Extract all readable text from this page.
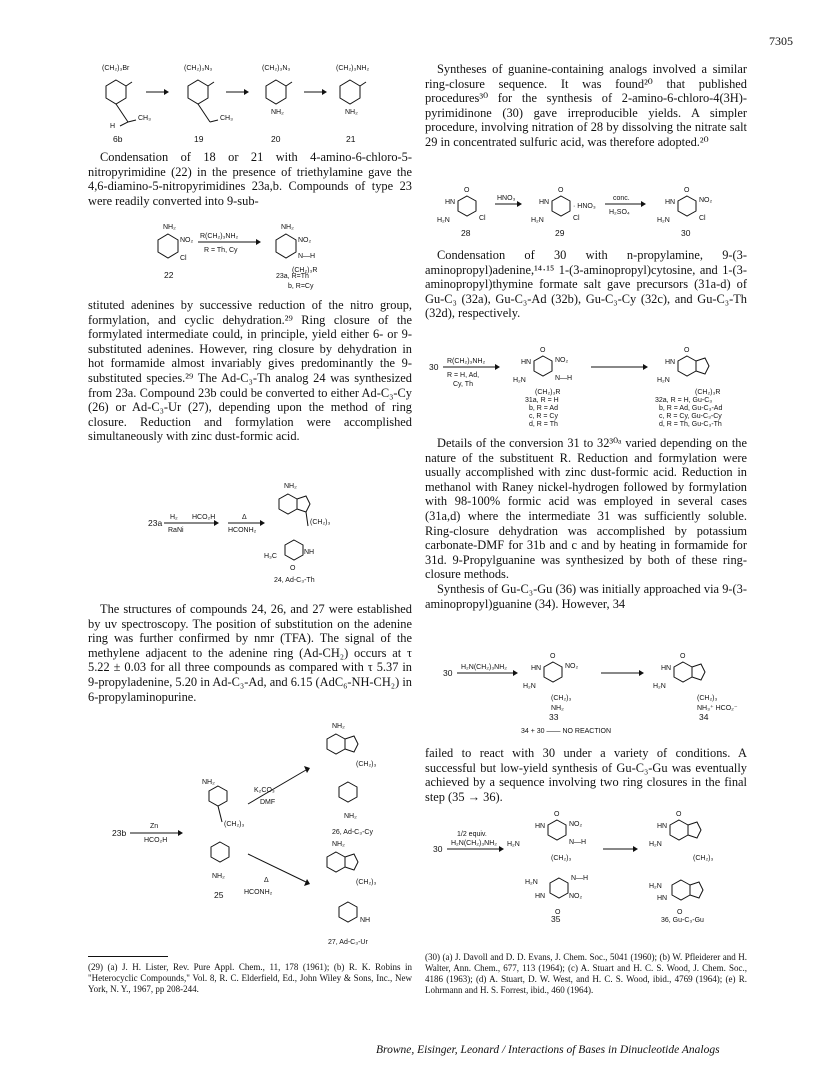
7305
(CH₂)₃Br
CH₃
H
(CH₂)₃N₃
CH₃
(CH₂)₃N₃
NH₂
(CH₂)₃NH₂
NH₂
6b	19	20	21

Condensation of 18 or 21 with 4-amino-6-chloro-5-nitropyrimidine (22) in the presence of triethylamine gave the 4,6-diamino-5-nitropyrimidines 23a,b. Compounds of type 23 were readily converted into 9-sub-

NH₂
NO₂
Cl
R(CH₂)₃NH₂
R = Th, Cy
NH₂
NO₂
N—H
(CH₂)₃R
22	23a, R=Th
b, R=Cy

stituted adenines by successive reduction of the nitro group, formylation, and cyclic dehydration.²⁹ Ring closure of the formylated intermediate could, in principle, yield either 6- or 9-substituted adenines. However, ring closure by dehydration in hot formamide almost invariably gives predominantly the 9-substituted species.²⁹ The Ad-C₃-Th analog 24 was synthesized from 23a. Compound 23b could be converted to either Ad-C₃-Cy (26) or Ad-C₃-Ur (27), depending upon the method of ring closure. Reduction and formylation were accomplished simultaneously with zinc dust-formic acid.

23a
H₂
RaNi
HCO₂H	Δ
HCONH₂
NH₂
(CH₂)₃
H₃C
NH
O
24, Ad-C₃-Th

The structures of compounds 24, 26, and 27 were established by uv spectroscopy. The position of substitution on the adenine ring was further confirmed by nmr (TFA). The signal of the methylene adjacent to the adenine ring (Ad-CH₂) occurs at τ 5.22 ± 0.03 for all three compounds as compared with τ 5.37 in 9-propyladenine, 5.20 in Ad-C₃-Ad, and 6.15 (AdC₆-NH-CH₂) in 6-propylaminopurine.

23b
Zn
HCO₂H
NH₂
(CH₂)₃
NH₂
25
K₂CO₃
DMF
Δ
HCONH₂
NH₂
(CH₂)₃
NH₂
26, Ad-C₃-Cy
NH₂
(CH₂)₃
NH
27, Ad-C₃-Ur
(29) (a) J. H. Lister, Rev. Pure Appl. Chem., 11, 178 (1961); (b) R. K. Robins in "Heterocyclic Compounds," Vol. 8, R. C. Elderfield, Ed., John Wiley & Sons, Inc., New York, N. Y., 1967, pp 208-244.

Syntheses of guanine-containing analogs involved a similar ring-closure sequence. It was found²⁰ that published procedures³⁰ for the synthesis of 2-amino-6-chloro-4(3H)-pyrimidinone (30) gave irreproducible yields. A simpler procedure, involving nitration of 28 by dissolving the nitrate salt 29 in concentrated sulfuric acid, was therefore adopted.²⁰

O
HN
H₂N	Cl
HNO₃
O
HN
H₂N	Cl
· HNO₃
conc.
H₂SO₄
O
HN
H₂N
NO₂
Cl
28	29	30

Condensation of 30 with n-propylamine, 9-(3-aminopropyl)adenine,¹⁴·¹⁵ 1-(3-aminopropyl)cytosine, and 1-(3-aminopropyl)thymine formate salt gave precursors (31a-d) of Gu-C₃ (32a), Gu-C₃-Ad (32b), Gu-C₃-Cy (32c), and Gu-C₃-Th (32d), respectively.

30
R(CH₂)₃NH₂
R = H, Ad,
Cy, Th
O
HN
H₂N
NO₂
N—H
(CH₂)₃R
O
HN
H₂N
(CH₂)₃R
31a, R = H
b, R = Ad
c, R = Cy
d, R = Th
32a, R = H, Gu-C₃
b, R = Ad, Gu-C₃-Ad
c, R = Cy, Gu-C₃-Cy
d, R = Th, Gu-C₃-Th

Details of the conversion 31 to 32³⁰ᵃ varied depending on the nature of the substituent R. Reduction and formylation were usually accomplished with zinc dust-formic acid. Reduction in methanol with Raney nickel-hydrogen followed by formylation with 98-100% formic acid was employed in several cases (31a,d) where the intermediate 31 was sufficiently soluble. Ring-closure dehydration was accomplished by potassium carbonate-DMF for 31b and c and by heating in formamide for 31d. 9-Propylguanine was synthesized by both of these ring-closure methods.

Synthesis of Gu-C₃-Gu (36) was initially approached via 9-(3-aminopropyl)guanine (34). However, 34

30
H₂N(CH₂)₃NH₂
O
HN
H₂N
NO₂
(CH₂)₃
NH₂
O
HN
H₂N
(CH₂)₃
NH₃⁺ HCO₂⁻
33	34
34 + 30 —— NO REACTION

failed to react with 30 under a variety of conditions. A successful but low-yield synthesis of Gu-C₃-Gu was eventually achieved by a sequence involving two ring closures in the final step (35 → 36).

30
1/2 equiv.
H₂N(CH₂)₃NH₂
O
HN
H₂N
NO₂
N—H
(CH₂)₃
H₂N
N—H
HN	NO₂
O
O
HN
H₂N
(CH₂)₃
H₂N
HN
O
35	36, Gu-C₃-Gu
(30) (a) J. Davoll and D. D. Evans, J. Chem. Soc., 5041 (1960); (b) W. Pfleiderer and H. Walter, Ann. Chem., 677, 113 (1964); (c) A. Stuart and H. C. S. Wood, J. Chem. Soc., 4186 (1963); (d) A. Stuart, D. W. West, and H. C. S. Wood, ibid., 4769 (1964); (e) R. Lohrmann and H. S. Forrest, ibid., 460 (1964).
Browne, Eisinger, Leonard / Interactions of Bases in Dinucleotide Analogs
